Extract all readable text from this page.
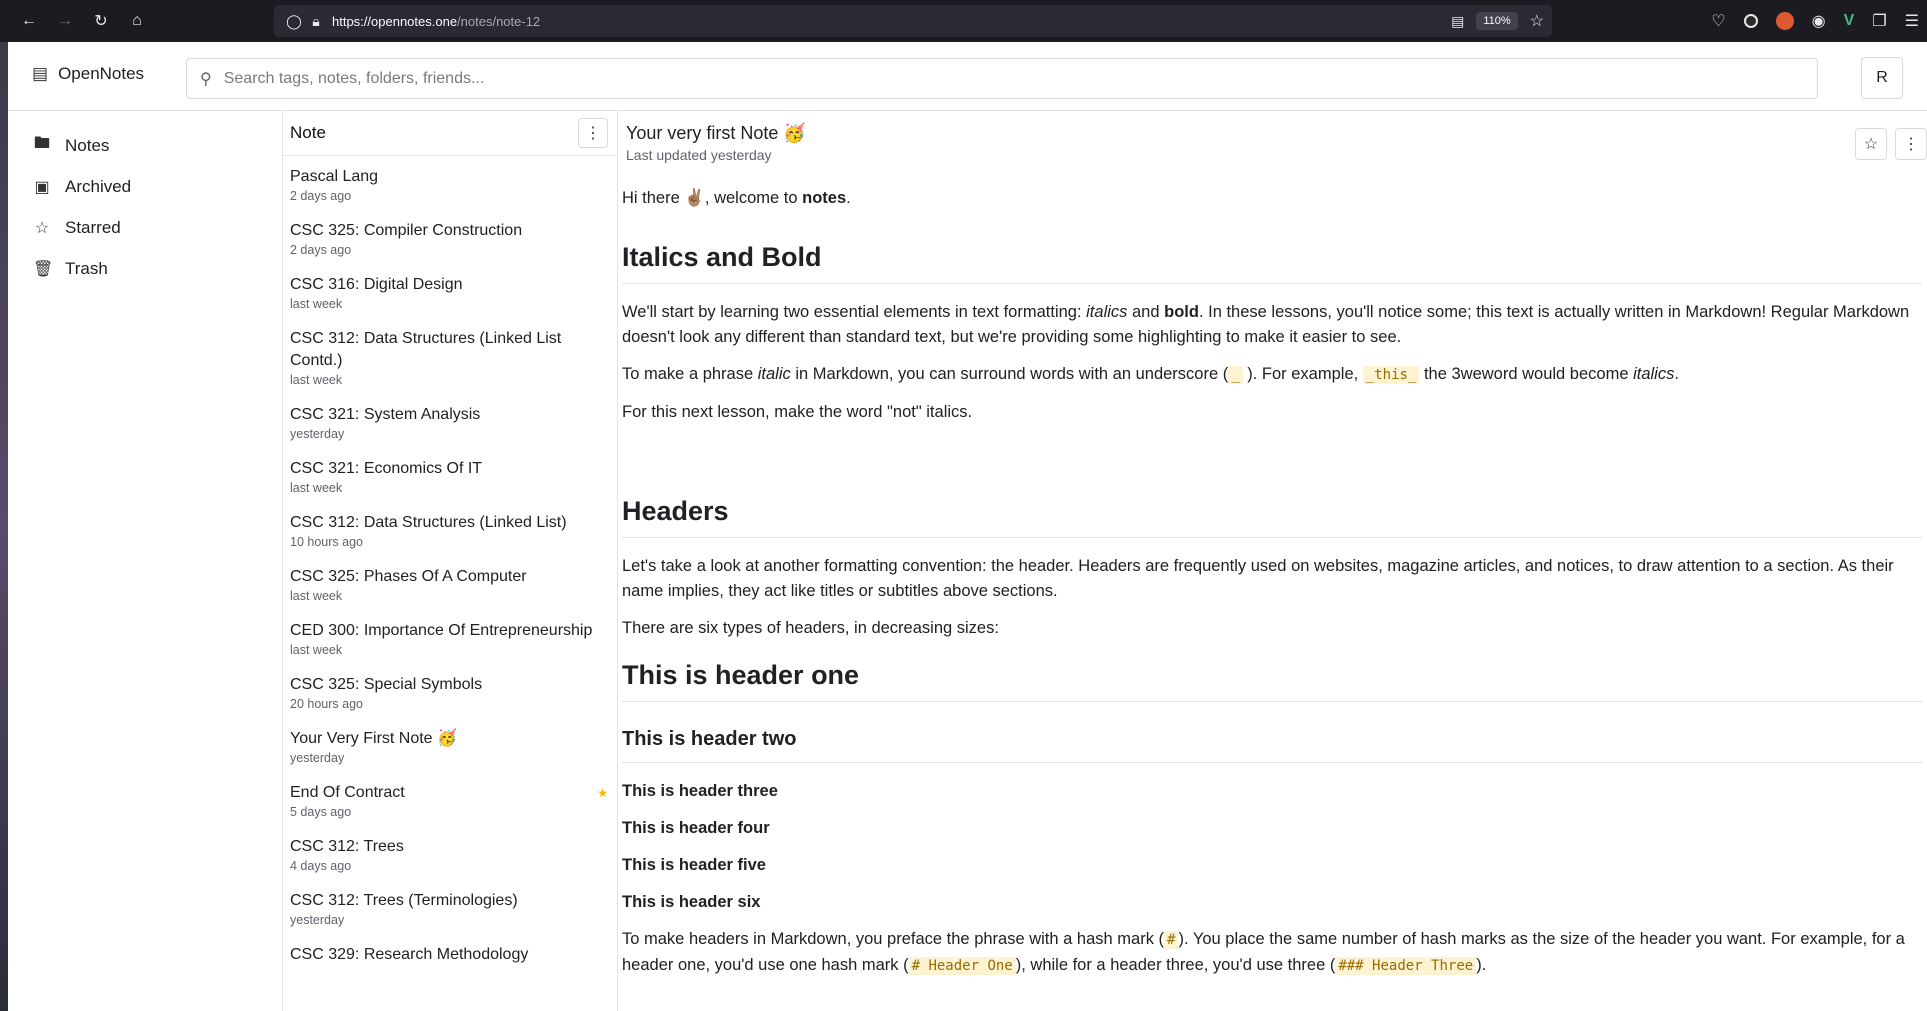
←	→	↻	⌂	◯ 🔒︎ https://opennotes.one/notes/note-12	▤	110%	☆	♡	◉ V ❐ ☰
▤ OpenNotes	⚲
Search tags, notes, folders, friends...	R
🖿︎ Notes
▣ Archived
☆ Starred
🗑︎ Trash
Note	⋮
Pascal Lang
2 days ago
CSC 325: Compiler Construction
2 days ago
CSC 316: Digital Design
last week
CSC 312: Data Structures (Linked List Contd.)
last week
CSC 321: System Analysis
yesterday
CSC 321: Economics Of IT
last week
CSC 312: Data Structures (Linked List)
10 hours ago
CSC 325: Phases Of A Computer
last week
CED 300: Importance Of Entrepreneurship
last week
CSC 325: Special Symbols
20 hours ago
Your Very First Note 🥳
yesterday
End Of Contract
5 days ago
★
CSC 312: Trees
4 days ago
CSC 312: Trees (Terminologies)
yesterday
CSC 329: Research Methodology
Your very first Note 🥳
Last updated yesterday
☆ ⋮

Hi there ✌🏽, welcome to notes.

Italics and Bold

We'll start by learning two essential elements in text formatting: italics and bold. In these lessons, you'll notice some; this text is actually written in Markdown! Regular Markdown doesn't look any different than standard text, but we're providing some highlighting to make it easier to see.

To make a phrase italic in Markdown, you can surround words with an underscore ( _ ). For example, _this_ the 3weword would become italics.

For this next lesson, make the word "not" italics.

Headers

Let's take a look at another formatting convention: the header. Headers are frequently used on websites, magazine articles, and notices, to draw attention to a section. As their name implies, they act like titles or subtitles above sections.

There are six types of headers, in decreasing sizes:

This is header one
This is header two
This is header three
This is header four
This is header five
This is header six

To make headers in Markdown, you preface the phrase with a hash mark ( # ). You place the same number of hash marks as the size of the header you want. For example, for a header one, you'd use one hash mark ( # Header One ), while for a header three, you'd use three ( ### Header Three ).
